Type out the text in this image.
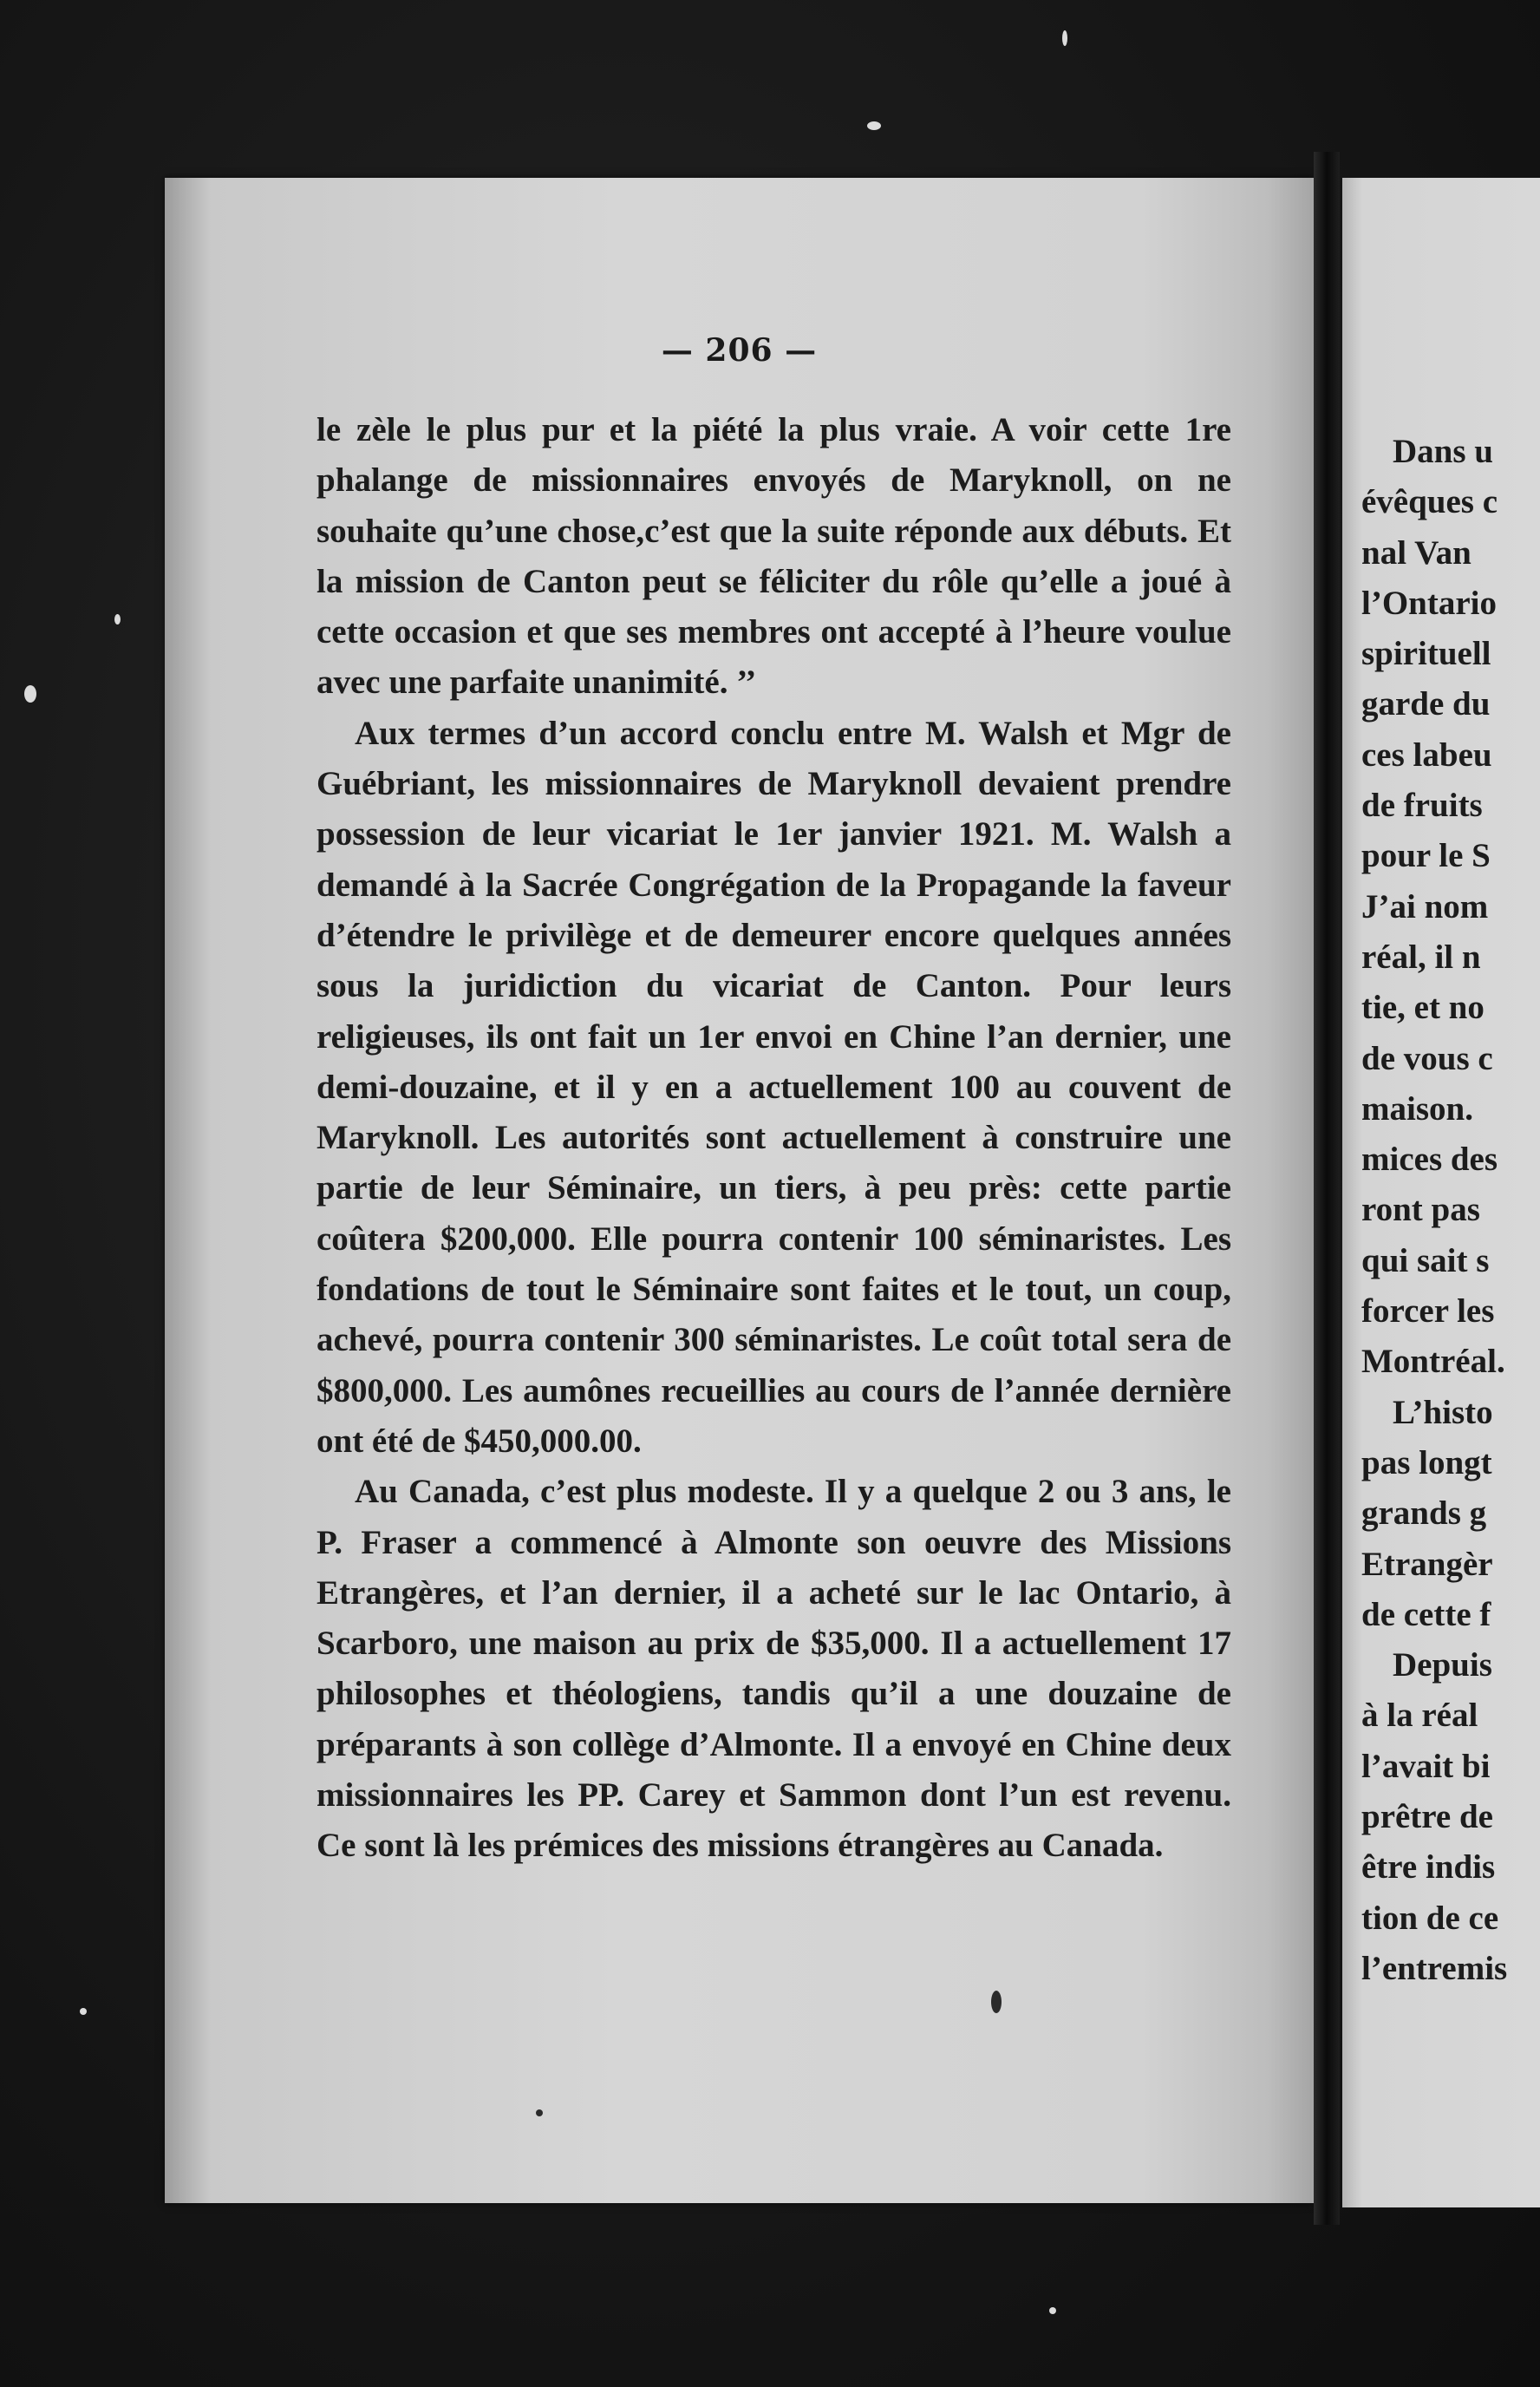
— 206 —

le zèle le plus pur et la piété la plus vraie. A voir cette 1re phalange de missionnaires envoyés de Maryknoll, on ne souhaite qu’une chose,c’est que la suite réponde aux débuts. Et la mission de Canton peut se féliciter du rôle qu’elle a joué à cette occasion et que ses membres ont accepté à l’heure voulue avec une parfaite unanimité. ’’

Aux termes d’un accord conclu entre M. Walsh et Mgr de Guébriant, les missionnaires de Maryknoll devaient prendre possession de leur vicariat le 1er janvier 1921. M. Walsh a demandé à la Sacrée Congrégation de la Propagande la faveur d’étendre le privilège et de demeurer encore quelques années sous la juridiction du vicariat de Canton. Pour leurs religieuses, ils ont fait un 1er envoi en Chine l’an dernier, une demi-douzaine, et il y en a actuellement 100 au couvent de Maryknoll. Les autorités sont actuellement à construire une partie de leur Séminaire, un tiers, à peu près: cette partie coûtera $200,000. Elle pourra contenir 100 séminaristes. Les fondations de tout le Séminaire sont faites et le tout, un coup, achevé, pourra contenir 300 séminaristes. Le coût total sera de $800,000. Les aumônes recueillies au cours de l’année dernière ont été de $450,000.00.

Au Canada, c’est plus modeste. Il y a quelque 2 ou 3 ans, le P. Fraser a commencé à Almonte son oeuvre des Missions Etrangères, et l’an dernier, il a acheté sur le lac Ontario, à Scarboro, une maison au prix de $35,000. Il a actuellement 17 philosophes et théologiens, tandis qu’il a une douzaine de préparants à son collège d’Almonte. Il a envoyé en Chine deux missionnaires les PP. Carey et Sammon dont l’un est revenu. Ce sont là les prémices des missions étrangères au Canada.

Dans u
évêques c
nal Van
l’Ontario
spirituell
garde du
ces labeu
de fruits
pour le S
J’ai nom
réal, il n
tie, et no
de vous c
maison.
mices des
ront pas
qui sait s
forcer les
Montréal.
L’histo
pas longt
grands g
Etrangèr
de cette f
Depuis
à la réal
l’avait bi
prêtre de
être indis
tion de ce
l’entremis
